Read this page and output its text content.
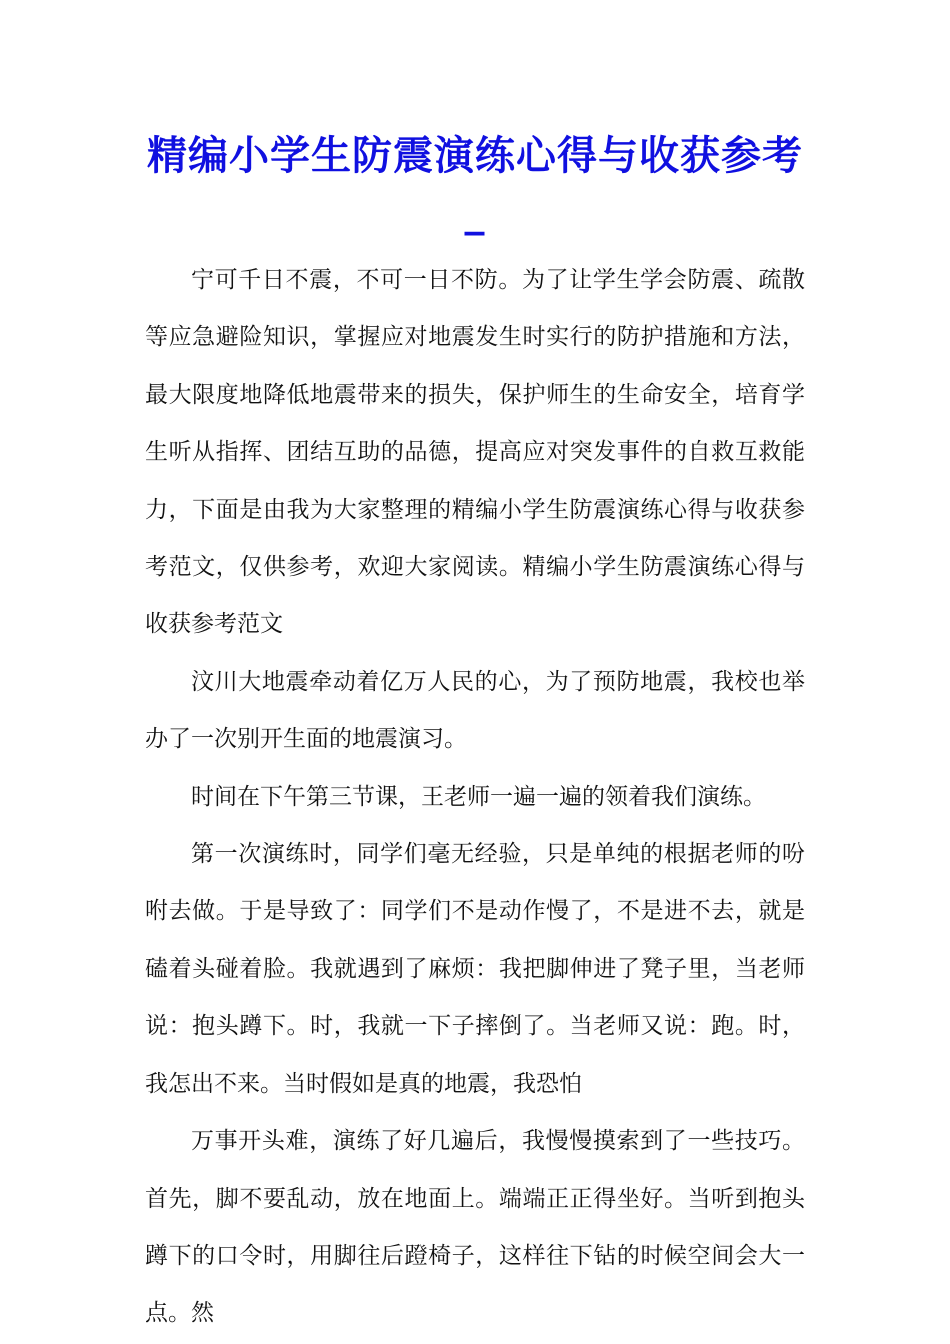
精编小学生防震演练心得与收获参考_

宁可千日不震，不可一日不防。为了让学生学会防震、疏散等应急避险知识，掌握应对地震发生时实行的防护措施和方法，最大限度地降低地震带来的损失，保护师生的生命安全，培育学生听从指挥、团结互助的品德，提高应对突发事件的自救互救能力，下面是由我为大家整理的精编小学生防震演练心得与收获参考范文，仅供参考，欢迎大家阅读。精编小学生防震演练心得与收获参考范文

汶川大地震牵动着亿万人民的心，为了预防地震，我校也举办了一次别开生面的地震演习。

时间在下午第三节课，王老师一遍一遍的领着我们演练。

第一次演练时，同学们毫无经验，只是单纯的根据老师的吩咐去做。于是导致了：同学们不是动作慢了，不是进不去，就是磕着头碰着脸。我就遇到了麻烦：我把脚伸进了凳子里，当老师说：抱头蹲下。时，我就一下子摔倒了。当老师又说：跑。时，我怎出不来。当时假如是真的地震，我恐怕

万事开头难，演练了好几遍后，我慢慢摸索到了一些技巧。首先，脚不要乱动，放在地面上。端端正正得坐好。当听到抱头蹲下的口令时，用脚往后蹬椅子，这样往下钻的时候空间会大一点。然
